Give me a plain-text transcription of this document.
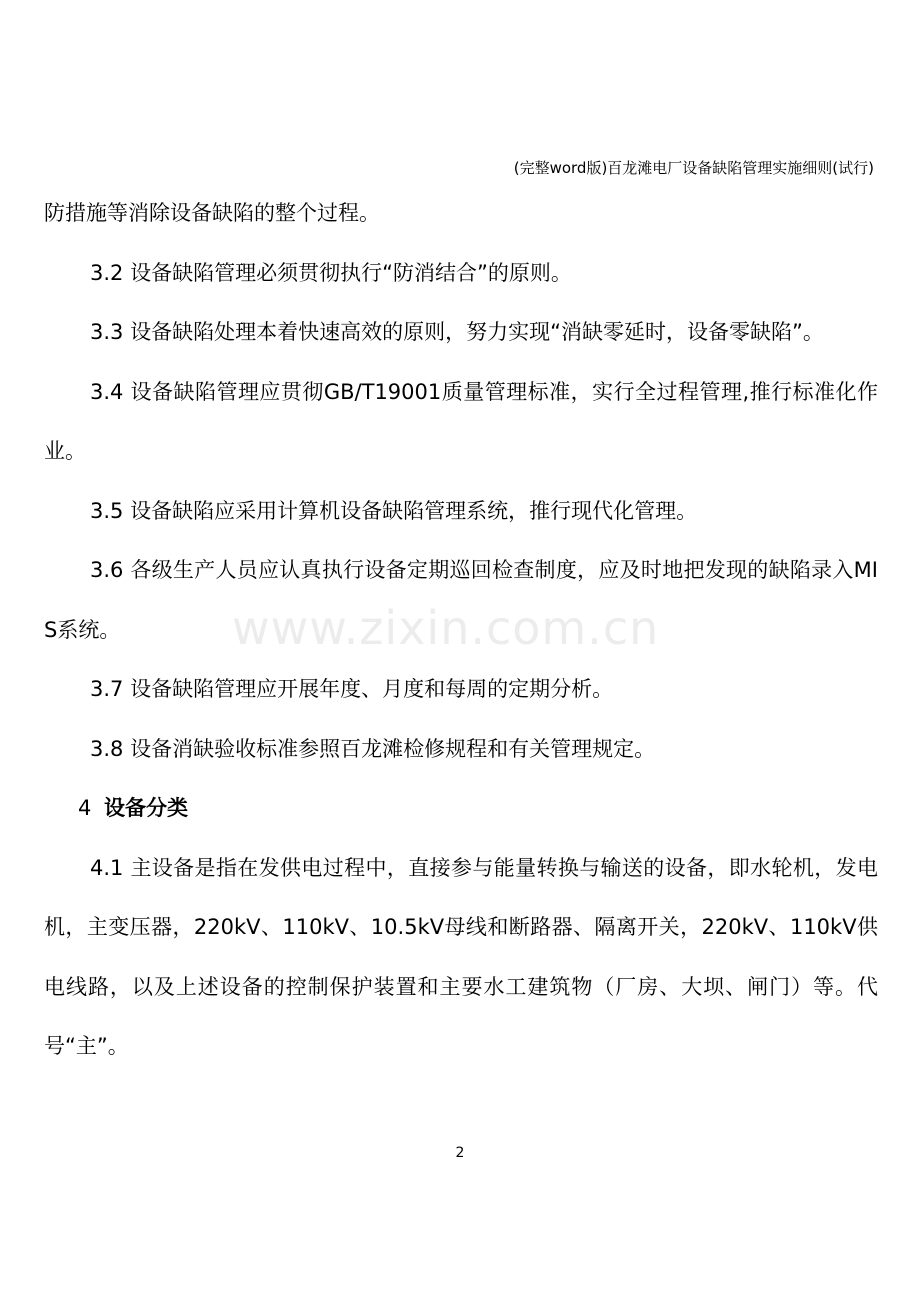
(完整word版)百龙滩电厂设备缺陷管理实施细则(试行)
www.zixin.com.cn

防措施等消除设备缺陷的整个过程。

3.2 设备缺陷管理必须贯彻执行“防消结合”的原则。

3.3 设备缺陷处理本着快速高效的原则，努力实现“消缺零延时，设备零缺陷”。

3.4 设备缺陷管理应贯彻GB/T19001质量管理标准，实行全过程管理,推行标准化作业。

3.5 设备缺陷应采用计算机设备缺陷管理系统，推行现代化管理。

3.6 各级生产人员应认真执行设备定期巡回检查制度，应及时地把发现的缺陷录入MIS系统。

3.7 设备缺陷管理应开展年度、月度和每周的定期分析。

3.8 设备消缺验收标准参照百龙滩检修规程和有关管理规定。

4 设备分类

4.1 主设备是指在发供电过程中，直接参与能量转换与输送的设备，即水轮机，发电机，主变压器，220kV、110kV、10.5kV母线和断路器、隔离开关，220kV、110kV供电线路，以及上述设备的控制保护装置和主要水工建筑物（厂房、大坝、闸门）等。代号“主”。

2
